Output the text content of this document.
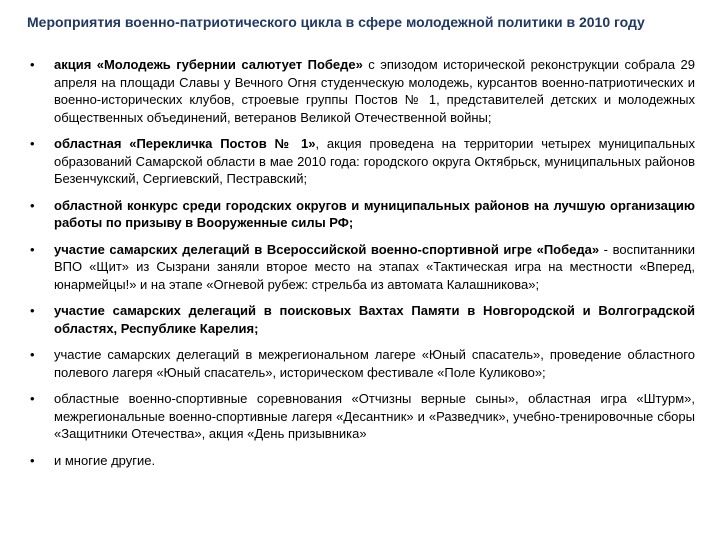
Мероприятия военно-патриотического цикла в сфере молодежной политики в 2010 году
• акция «Молодежь губернии салютует Победе» с эпизодом исторической реконструкции собрала 29 апреля на площади Славы у Вечного Огня студенческую молодежь, курсантов военно-патриотических и военно-исторических клубов, строевые группы Постов № 1, представителей детских и молодежных общественных объединений, ветеранов Великой Отечественной войны;
• областная «Перекличка Постов № 1», акция проведена на территории четырех муниципальных образований Самарской области в мае 2010 года: городского округа Октябрьск, муниципальных районов Безенчукский, Сергиевский, Пестравский;
• областной конкурс среди городских округов и муниципальных районов на лучшую организацию работы по призыву в Вооруженные силы РФ;
• участие самарских делегаций в Всероссийской военно-спортивной игре «Победа» - воспитанники ВПО «Щит» из Сызрани заняли второе место на этапах «Тактическая игра на местности «Вперед, юнармейцы!» и на этапе «Огневой рубеж: стрельба из автомата Калашникова»;
• участие самарских делегаций в поисковых Вахтах Памяти в Новгородской и Волгоградской областях, Республике Карелия;
• участие самарских делегаций в межрегиональном лагере «Юный спасатель», проведение областного полевого лагеря «Юный спасатель», историческом фестивале «Поле Куликово»;
• областные военно-спортивные соревнования «Отчизны верные сыны», областная игра «Штурм», межрегиональные военно-спортивные лагеря «Десантник» и «Разведчик», учебно-тренировочные сборы «Защитники Отечества», акция «День призывника»
• и многие другие.
